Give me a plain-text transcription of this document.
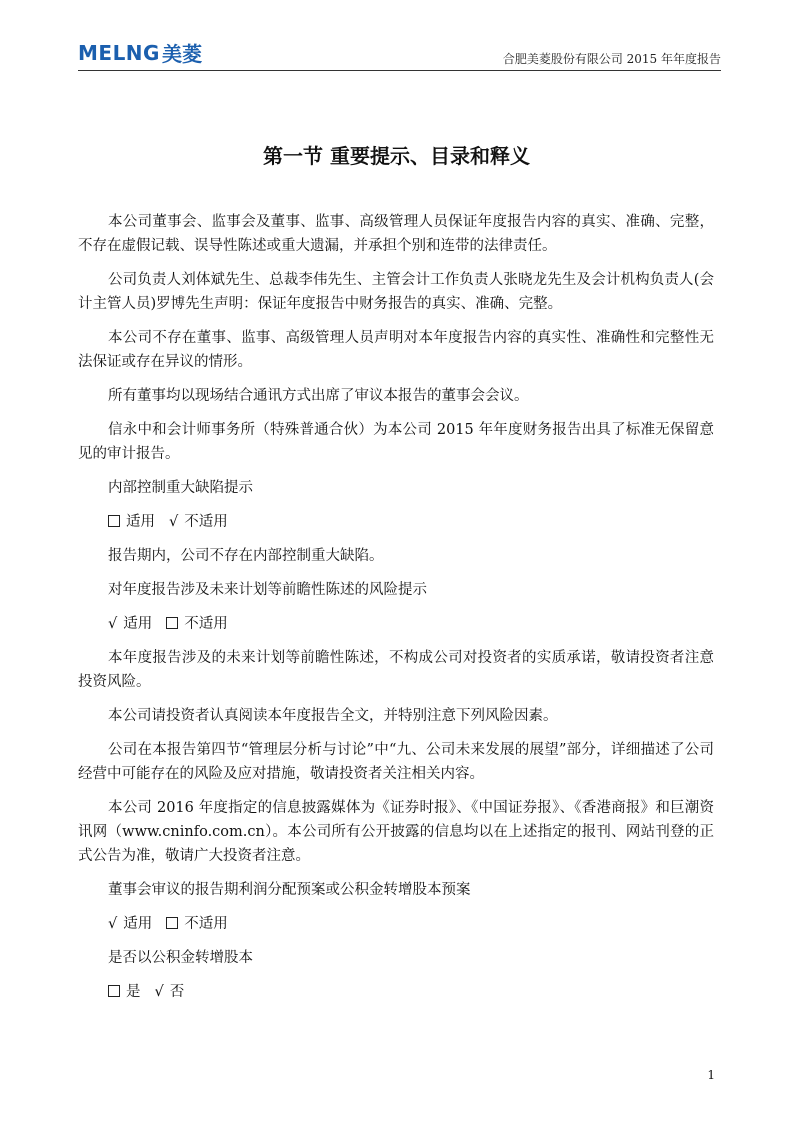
MELNG 美菱	合肥美菱股份有限公司 2015 年年度报告
第一节 重要提示、目录和释义

本公司董事会、监事会及董事、监事、高级管理人员保证年度报告内容的真实、准确、完整，不存在虚假记载、误导性陈述或重大遗漏，并承担个别和连带的法律责任。

公司负责人刘体斌先生、总裁李伟先生、主管会计工作负责人张晓龙先生及会计机构负责人(会计主管人员)罗博先生声明：保证年度报告中财务报告的真实、准确、完整。

本公司不存在董事、监事、高级管理人员声明对本年度报告内容的真实性、准确性和完整性无法保证或存在异议的情形。

所有董事均以现场结合通讯方式出席了审议本报告的董事会会议。

信永中和会计师事务所（特殊普通合伙）为本公司 2015 年年度财务报告出具了标准无保留意见的审计报告。

内部控制重大缺陷提示

适用 √ 不适用

报告期内，公司不存在内部控制重大缺陷。

对年度报告涉及未来计划等前瞻性陈述的风险提示

√ 适用 不适用

本年度报告涉及的未来计划等前瞻性陈述，不构成公司对投资者的实质承诺，敬请投资者注意投资风险。

本公司请投资者认真阅读本年度报告全文，并特别注意下列风险因素。

公司在本报告第四节“管理层分析与讨论”中“九、公司未来发展的展望”部分，详细描述了公司经营中可能存在的风险及应对措施，敬请投资者关注相关内容。

本公司 2016 年度指定的信息披露媒体为《证券时报》、《中国证券报》、《香港商报》和巨潮资讯网（www.cninfo.com.cn）。本公司所有公开披露的信息均以在上述指定的报刊、网站刊登的正式公告为准，敬请广大投资者注意。

董事会审议的报告期利润分配预案或公积金转增股本预案

√ 适用 不适用

是否以公积金转增股本

是 √ 否
1
